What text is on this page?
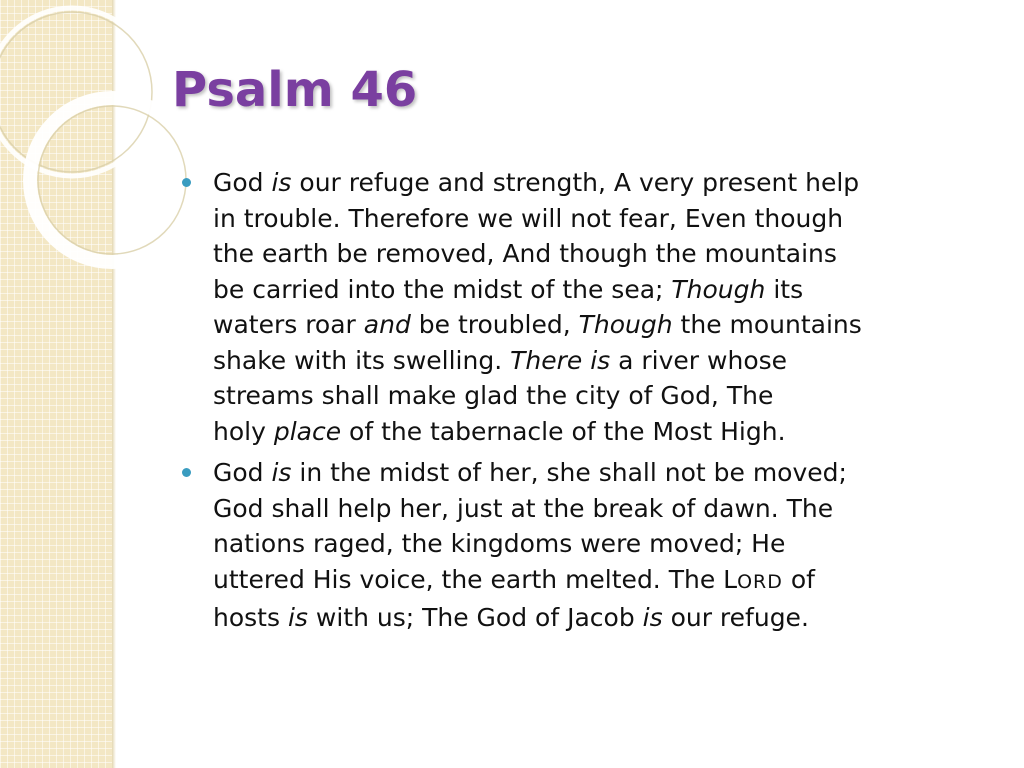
Psalm 46
God is our refuge and strength, A very present help
in trouble. Therefore we will not fear, Even though
the earth be removed, And though the mountains
be carried into the midst of the sea; Though its
waters roar and be troubled, Though the mountains
shake with its swelling. There is a river whose
streams shall make glad the city of God, The
holy place of the tabernacle of the Most High.
God is in the midst of her, she shall not be moved;
God shall help her, just at the break of dawn. The
nations raged, the kingdoms were moved; He
uttered His voice, the earth melted. The LORD of
hosts is with us; The God of Jacob is our refuge.
